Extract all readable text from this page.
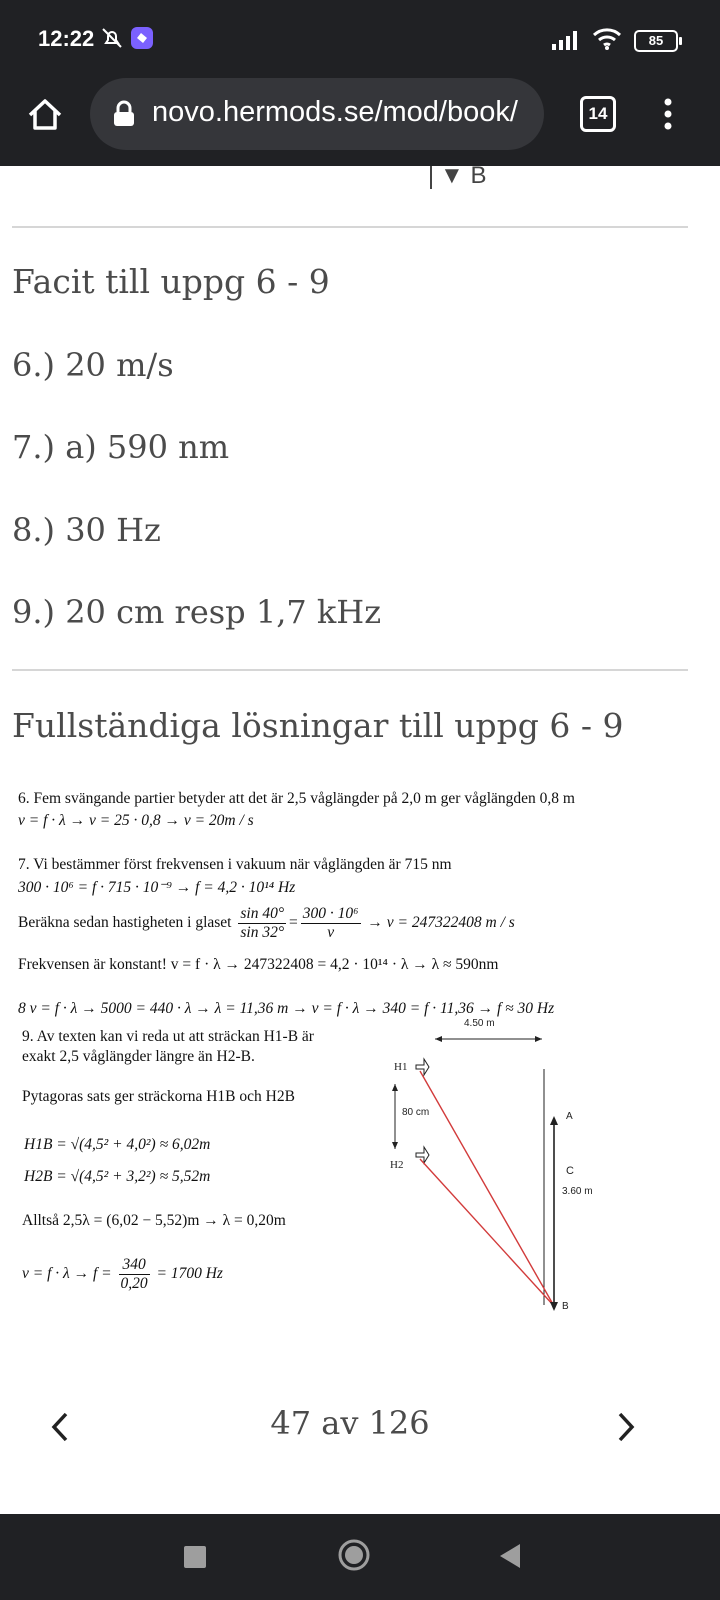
12:22	85
novo.hermods.se/mod/book/	14
▼ B
Facit till uppg 6 - 9
6.) 20 m/s
7.) a) 590 nm
8.) 30 Hz
9.) 20 cm resp 1,7 kHz
Fullständiga lösningar till uppg 6 - 9
6. Fem svängande partier betyder att det är 2,5 våglängder på 2,0 m ger våglängden 0,8 m
v = f · λ → v = 25 · 0,8 → v = 20m / s
7. Vi bestämmer först frekvensen i vakuum när våglängden är 715 nm
300 · 10⁶ = f · 715 · 10⁻⁹ → f = 4,2 · 10¹⁴ Hz
Beräkna sedan hastigheten i glaset $\frac{\sin 40^\circ}{\sin 32^\circ} = \frac{\text{300 · 10⁶}}{v} \to v = 247322408$ m / s
Frekvensen är konstant! v = f · λ → 247322408 = 4,2 · 10¹⁴ · λ → λ ≈ 590nm
8 v = f · λ → 5000 = 440 · λ → λ = 11,36 m → v = f · λ → 340 = f · 11,36 → f ≈ 30 Hz
9. Av texten kan vi reda ut att sträckan H1-B är
exakt 2,5 våglängder längre än H2-B.
Pytagoras sats ger sträckorna H1B och H2B
H1B = √(4,5² + 4,0²) ≈ 6,02m
H2B = √(4,5² + 3,2²) ≈ 5,52m
Alltså 2,5λ = (6,02 − 5,52)m → λ = 0,20m
$v = f \cdot \lambda \to f = \frac{340}{0,20} = 1700$ Hz
4.50 m
H1
80 cm
H2
A
C
3.60 m
B
47 av 126
